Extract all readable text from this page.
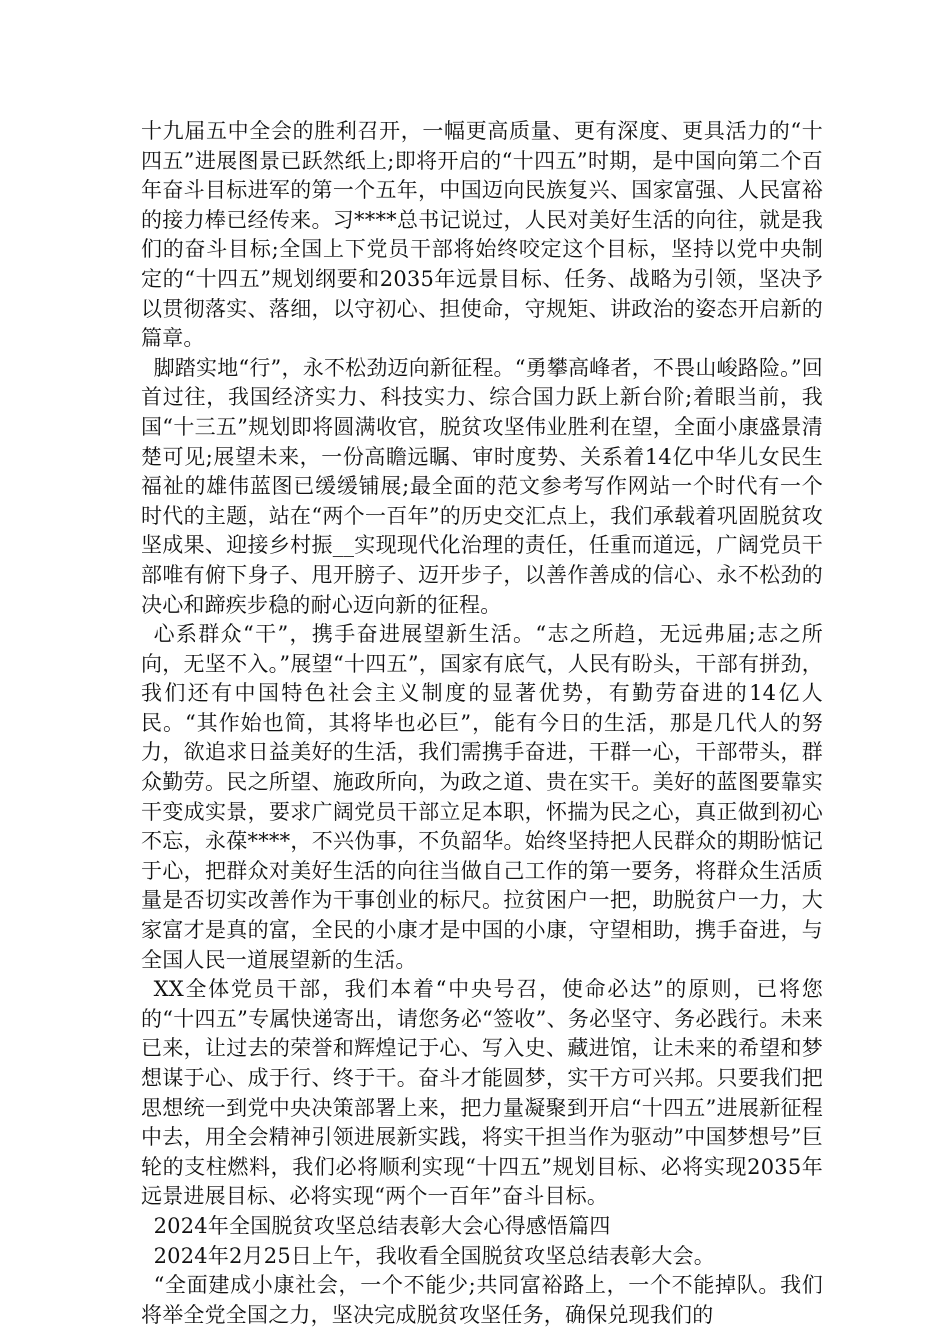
十九届五中全会的胜利召开，一幅更高质量、更有深度、更具活力的“十四五”进展图景已跃然纸上;即将开启的“十四五”时期，是中国向第二个百年奋斗目标进军的第一个五年，中国迈向民族复兴、国家富强、人民富裕的接力棒已经传来。习****总书记说过，人民对美好生活的向往，就是我们的奋斗目标;全国上下党员干部将始终咬定这个目标，坚持以党中央制定的“十四五”规划纲要和2035年远景目标、任务、战略为引领，坚决予以贯彻落实、落细，以守初心、担使命，守规矩、讲政治的姿态开启新的篇章。

脚踏实地“行”，永不松劲迈向新征程。“勇攀高峰者，不畏山峻路险。”回首过往，我国经济实力、科技实力、综合国力跃上新台阶;着眼当前，我国“十三五”规划即将圆满收官，脱贫攻坚伟业胜利在望，全面小康盛景清楚可见;展望未来，一份高瞻远瞩、审时度势、关系着14亿中华儿女民生福祉的雄伟蓝图已缓缓铺展;最全面的范文参考写作网站一个时代有一个时代的主题，站在“两个一百年”的历史交汇点上，我们承载着巩固脱贫攻坚成果、迎接乡村振__实现现代化治理的责任，任重而道远，广阔党员干部唯有俯下身子、甩开膀子、迈开步子，以善作善成的信心、永不松劲的决心和蹄疾步稳的耐心迈向新的征程。

心系群众“干”，携手奋进展望新生活。“志之所趋，无远弗届;志之所向，无坚不入。”展望“十四五”，国家有底气，人民有盼头，干部有拼劲，我们还有中国特色社会主义制度的显著优势，有勤劳奋进的14亿人民。“其作始也简，其将毕也必巨”，能有今日的生活，那是几代人的努力，欲追求日益美好的生活，我们需携手奋进，干群一心，干部带头，群众勤劳。民之所望、施政所向，为政之道、贵在实干。美好的蓝图要靠实干变成实景，要求广阔党员干部立足本职，怀揣为民之心，真正做到初心不忘，永葆****，不兴伪事，不负韶华。始终坚持把人民群众的期盼惦记于心，把群众对美好生活的向往当做自己工作的第一要务，将群众生活质量是否切实改善作为干事创业的标尺。拉贫困户一把，助脱贫户一力，大家富才是真的富，全民的小康才是中国的小康，守望相助，携手奋进，与全国人民一道展望新的生活。

XX全体党员干部，我们本着“中央号召，使命必达”的原则，已将您的“十四五”专属快递寄出，请您务必“签收”、务必坚守、务必践行。未来已来，让过去的荣誉和辉煌记于心、写入史、藏进馆，让未来的希望和梦想谋于心、成于行、终于干。奋斗才能圆梦，实干方可兴邦。只要我们把思想统一到党中央决策部署上来，把力量凝聚到开启“十四五”进展新征程中去，用全会精神引领进展新实践，将实干担当作为驱动”中国梦想号”巨轮的支柱燃料，我们必将顺利实现“十四五”规划目标、必将实现2035年远景进展目标、必将实现“两个一百年”奋斗目标。

2024年全国脱贫攻坚总结表彰大会心得感悟篇四

2024年2月25日上午，我收看全国脱贫攻坚总结表彰大会。

“全面建成小康社会，一个不能少;共同富裕路上，一个不能掉队。我们将举全党全国之力，坚决完成脱贫攻坚任务，确保兑现我们的
